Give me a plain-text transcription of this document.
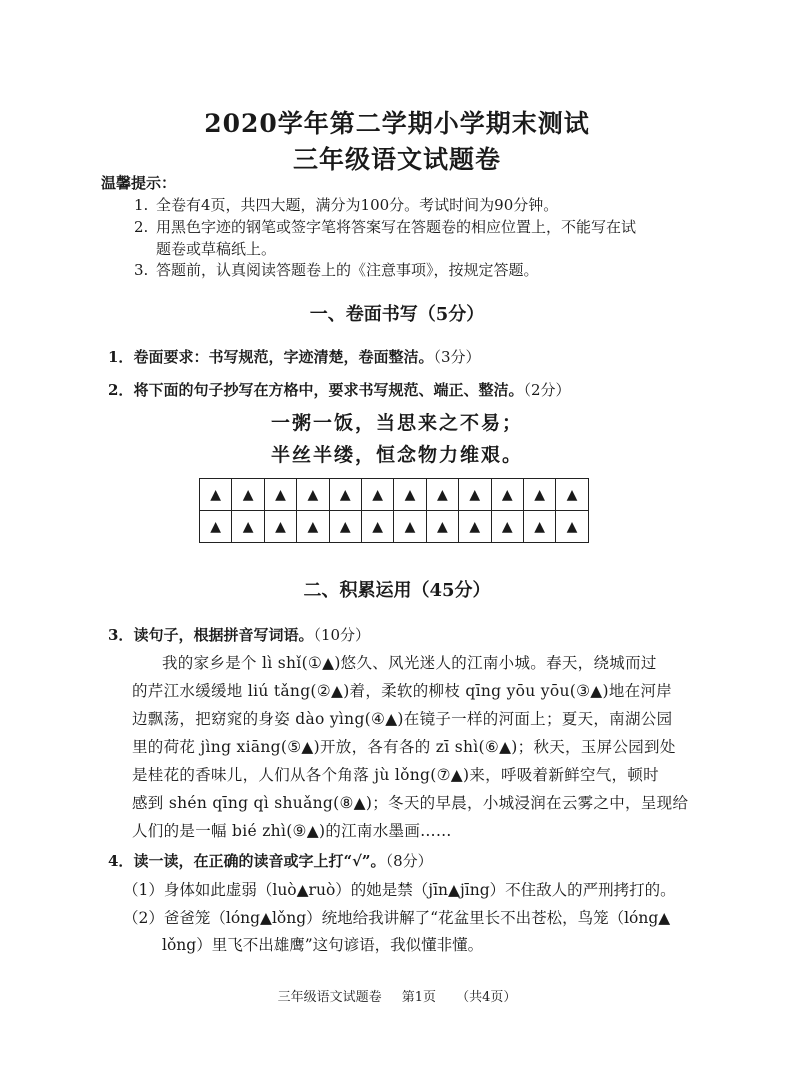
2020学年第二学期小学期末测试
三年级语文试题卷
温馨提示：
1. 全卷有4页，共四大题，满分为100分。考试时间为90分钟。
2. 用黑色字迹的钢笔或签字笔将答案写在答题卷的相应位置上，不能写在试
题卷或草稿纸上。
3. 答题前，认真阅读答题卷上的《注意事项》，按规定答题。
一、卷面书写（5分）
1．卷面要求：书写规范，字迹清楚，卷面整洁。（3分）
2．将下面的句子抄写在方格中，要求书写规范、端正、整洁。（2分）
一粥一饭，当思来之不易；
半丝半缕，恒念物力维艰。
▲	▲	▲	▲	▲	▲	▲	▲	▲	▲	▲	▲
▲	▲	▲	▲	▲	▲	▲	▲	▲	▲	▲	▲
二、积累运用（45分）
3．读句子，根据拼音写词语。（10分）
我的家乡是个 lì shǐ(①▲)悠久、风光迷人的江南小城。春天，绕城而过
的芹江水缓缓地 liú tǎng(②▲)着，柔软的柳枝 qīng yōu yōu(③▲)地在河岸
边飘荡，把窈窕的身姿 dào yìng(④▲)在镜子一样的河面上；夏天，南湖公园
里的荷花 jìng xiāng(⑤▲)开放，各有各的 zī shì(⑥▲)；秋天，玉屏公园到处
是桂花的香味儿，人们从各个角落 jù lǒng(⑦▲)来，呼吸着新鲜空气，顿时
感到 shén qīng qì shuǎng(⑧▲)；冬天的早晨，小城浸润在云雾之中，呈现给
人们的是一幅 bié zhì(⑨▲)的江南水墨画……
4．读一读，在正确的读音或字上打“√”。（8分）
（1）身体如此虚弱（luò▲ruò）的她是禁（jīn▲jīng）不住敌人的严刑拷打的。
（2）爸爸笼（lóng▲lǒng）统地给我讲解了“花盆里长不出苍松，鸟笼（lóng▲
lǒng）里飞不出雄鹰”这句谚语，我似懂非懂。
三年级语文试题卷 第1页 （共4页）
